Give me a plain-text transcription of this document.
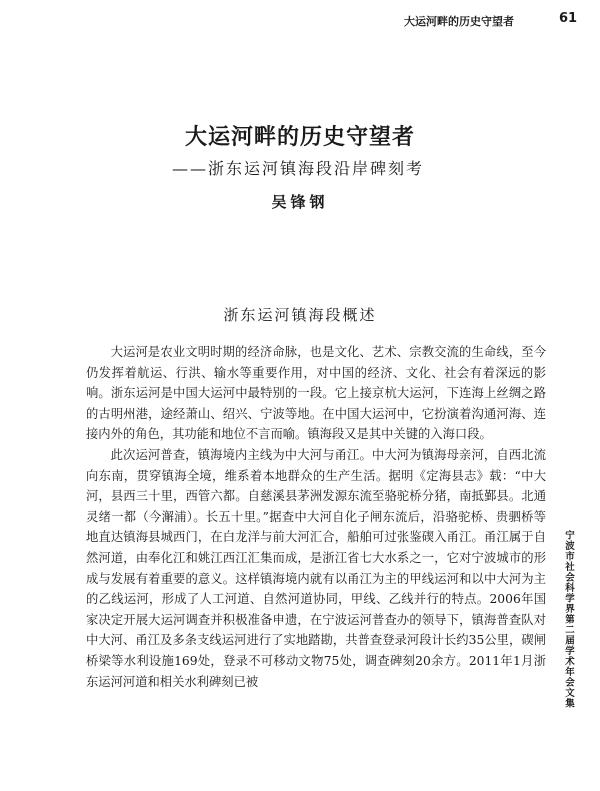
大运河畔的历史守望者	61
大运河畔的历史守望者
——浙东运河镇海段沿岸碑刻考
吴锋钢
浙东运河镇海段概述

大运河是农业文明时期的经济命脉，也是文化、艺术、宗教交流的生命线，至今仍发挥着航运、行洪、输水等重要作用，对中国的经济、文化、社会有着深远的影响。浙东运河是中国大运河中最特别的一段。它上接京杭大运河，下连海上丝绸之路的古明州港，途经萧山、绍兴、宁波等地。在中国大运河中，它扮演着沟通河海、连接内外的角色，其功能和地位不言而喻。镇海段又是其中关键的入海口段。

此次运河普查，镇海境内主线为中大河与甬江。中大河为镇海母亲河，自西北流向东南，贯穿镇海全境，维系着本地群众的生产生活。据明《定海县志》载：“中大河，县西三十里，西管六都。自慈溪县茅洲发源东流至骆驼桥分猪，南抵鄞县。北通灵绪一都（今澥浦）。长五十里。”据查中大河自化子闸东流后，沿骆驼桥、贵驷桥等地直达镇海县城西门，在白龙洋与前大河汇合，船舶可过张鉴碶入甬江。甬江属于自然河道，由奉化江和姚江西江汇集而成，是浙江省七大水系之一，它对宁波城市的形成与发展有着重要的意义。这样镇海境内就有以甬江为主的甲线运河和以中大河为主的乙线运河，形成了人工河道、自然河道协同，甲线、乙线并行的特点。2006年国家决定开展大运河调查并积极准备申遗，在宁波运河普查办的领导下，镇海普查队对中大河、甬江及多条支线运河进行了实地踏勘，共普查登录河段计长约35公里，碶闸桥梁等水利设施169处，登录不可移动文物75处，调查碑刻20余方。2011年1月浙东运河河道和相关水利碑刻已被	宁波市社会科学界第二届学术年会文集
